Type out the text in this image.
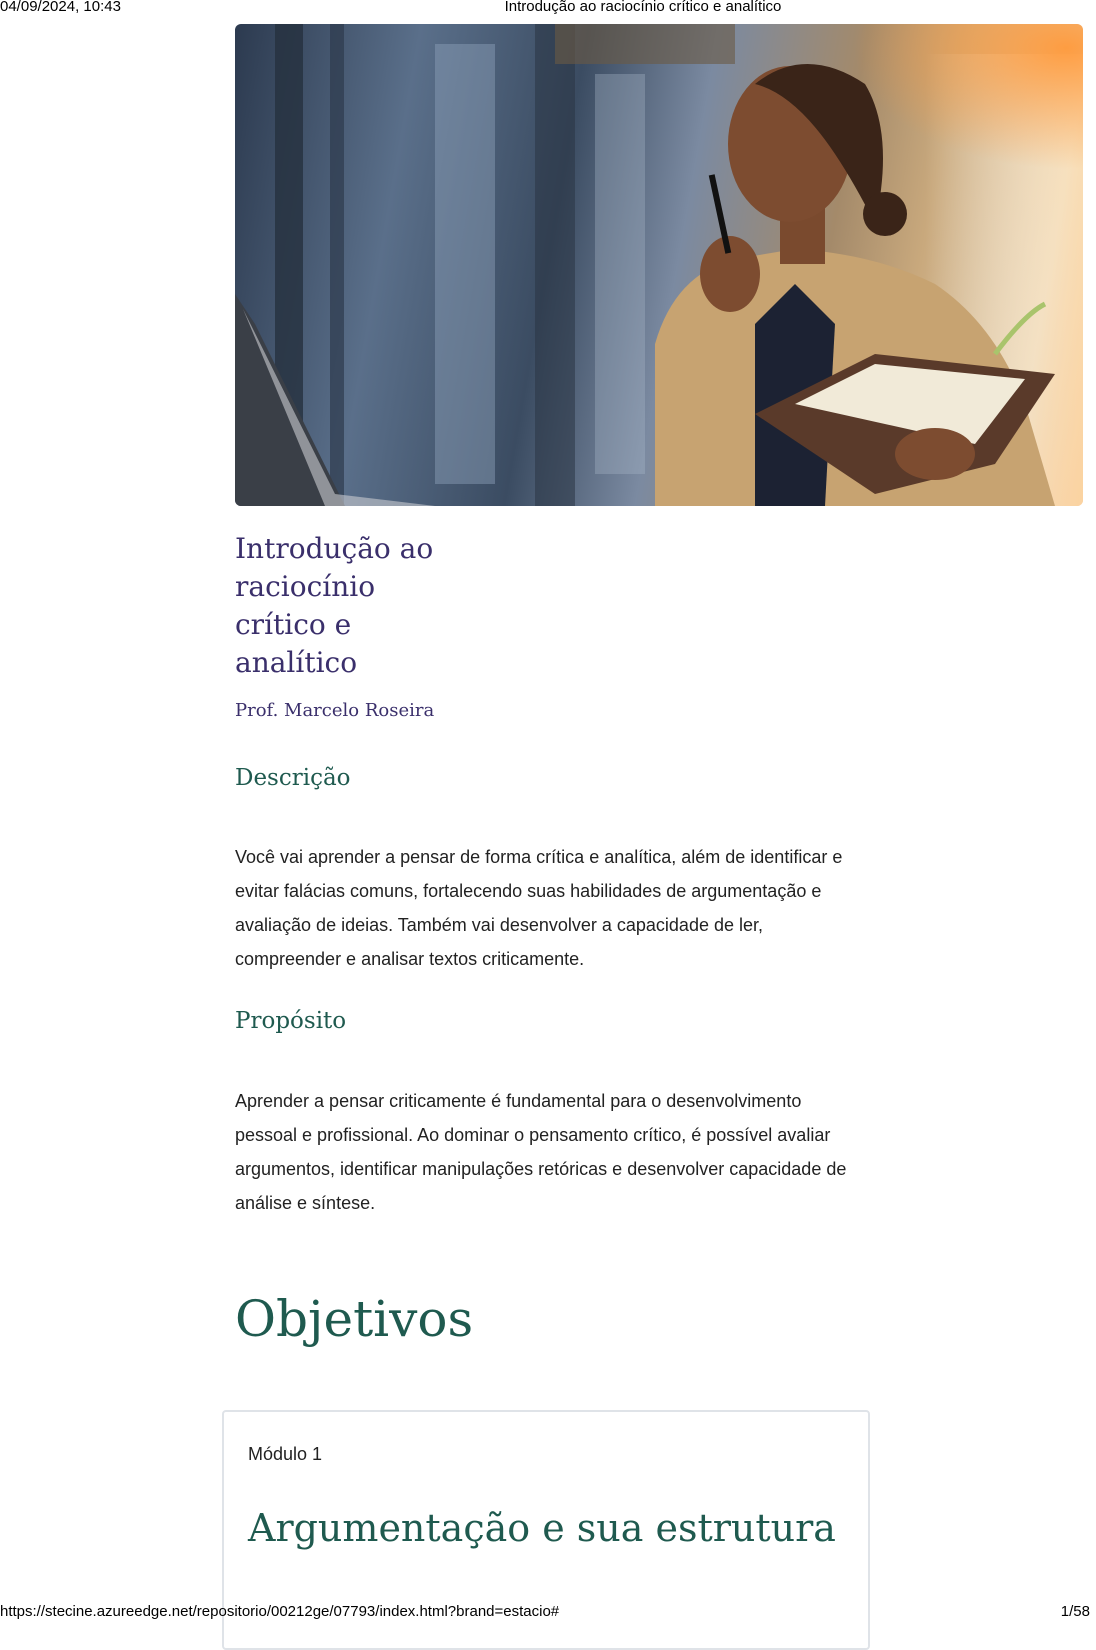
04/09/2024, 10:43	Introdução ao raciocínio crítico e analítico
Introdução ao raciocínio crítico e analítico
Prof. Marcelo Roseira
Descrição

Você vai aprender a pensar de forma crítica e analítica, além de identificar e evitar falácias comuns, fortalecendo suas habilidades de argumentação e avaliação de ideias. Também vai desenvolver a capacidade de ler, compreender e analisar textos criticamente.

Propósito

Aprender a pensar criticamente é fundamental para o desenvolvimento pessoal e profissional. Ao dominar o pensamento crítico, é possível avaliar argumentos, identificar manipulações retóricas e desenvolver capacidade de análise e síntese.

Objetivos
Módulo 1
Argumentação e sua estrutura
https://stecine.azureedge.net/repositorio/00212ge/07793/index.html?brand=estacio#	1/58
